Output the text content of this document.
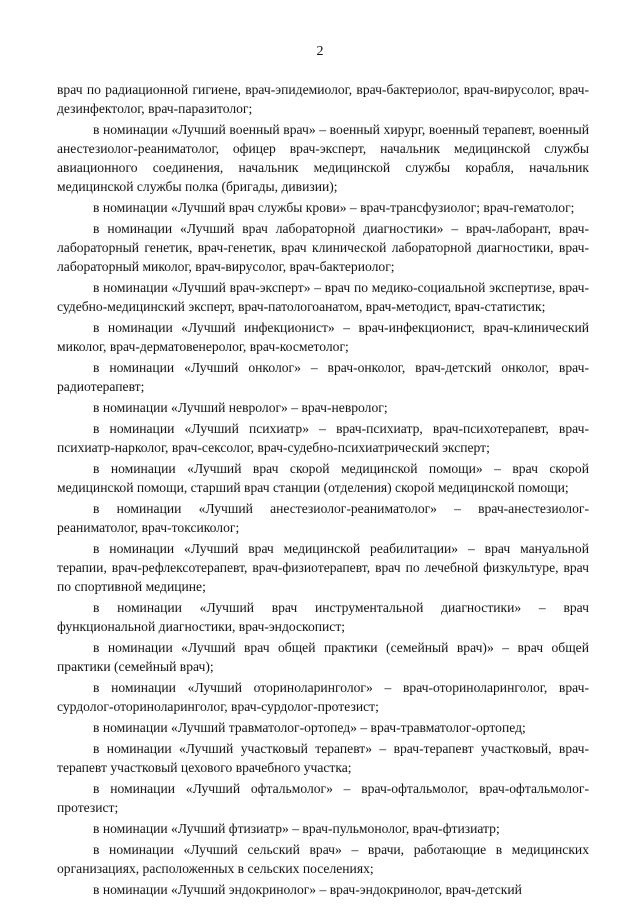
2

врач по радиационной гигиене, врач-эпидемиолог, врач-бактериолог, врач-вирусолог, врач-дезинфектолог, врач-паразитолог;

в номинации «Лучший военный врач» – военный хирург, военный терапевт, военный анестезиолог-реаниматолог, офицер врач-эксперт, начальник медицинской службы авиационного соединения, начальник медицинской службы корабля, начальник медицинской службы полка (бригады, дивизии);

в номинации «Лучший врач службы крови» – врач-трансфузиолог; врач-гематолог;

в номинации «Лучший врач лабораторной диагностики» – врач-лаборант, врач-лабораторный генетик, врач-генетик, врач клинической лабораторной диагностики, врач-лабораторный миколог, врач-вирусолог, врач-бактериолог;

в номинации «Лучший врач-эксперт» – врач по медико-социальной экспертизе, врач-судебно-медицинский эксперт, врач-патологоанатом, врач-методист, врач-статистик;

в номинации «Лучший инфекционист» – врач-инфекционист, врач-клинический миколог, врач-дерматовенеролог, врач-косметолог;

в номинации «Лучший онколог» – врач-онколог, врач-детский онколог, врач-радиотерапевт;

в номинации «Лучший невролог» – врач-невролог;

в номинации «Лучший психиатр» – врач-психиатр, врач-психотерапевт, врач-психиатр-нарколог, врач-сексолог, врач-судебно-психиатрический эксперт;

в номинации «Лучший врач скорой медицинской помощи» – врач скорой медицинской помощи, старший врач станции (отделения) скорой медицинской помощи;

в номинации «Лучший анестезиолог-реаниматолог» – врач-анестезиолог-реаниматолог, врач-токсиколог;

в номинации «Лучший врач медицинской реабилитации» – врач мануальной терапии, врач-рефлексотерапевт, врач-физиотерапевт, врач по лечебной физкультуре, врач по спортивной медицине;

в номинации «Лучший врач инструментальной диагностики» – врач функциональной диагностики, врач-эндоскопист;

в номинации «Лучший врач общей практики (семейный врач)» – врач общей практики (семейный врач);

в номинации «Лучший оториноларинголог» – врач-оториноларинголог, врач-сурдолог-оториноларинголог, врач-сурдолог-протезист;

в номинации «Лучший травматолог-ортопед» – врач-травматолог-ортопед;

в номинации «Лучший участковый терапевт» – врач-терапевт участковый, врач-терапевт участковый цехового врачебного участка;

в номинации «Лучший офтальмолог» – врач-офтальмолог, врач-офтальмолог-протезист;

в номинации «Лучший фтизиатр» – врач-пульмонолог, врач-фтизиатр;

в номинации «Лучший сельский врач» – врачи, работающие в медицинских организациях, расположенных в сельских поселениях;

в номинации «Лучший эндокринолог» – врач-эндокринолог, врач-детский
